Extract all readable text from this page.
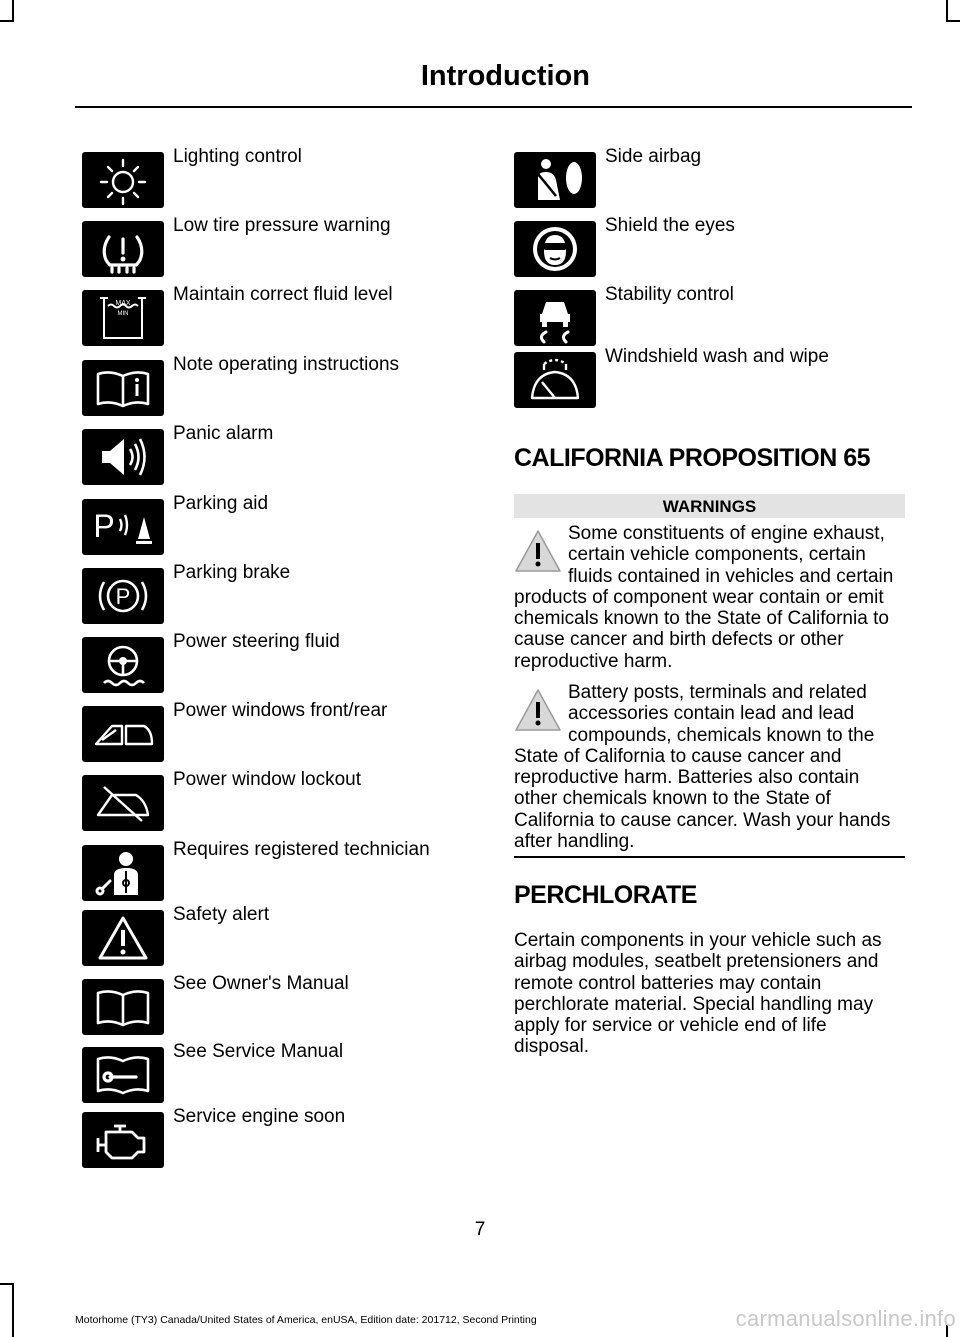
Introduction
Lighting control
Low tire pressure warning
MAX
MIN
Maintain correct fluid level
Note operating instructions
Panic alarm
P
Parking aid
P
Parking brake
Power steering fluid
Power windows front/rear
Power window lockout
Requires registered technician
Safety alert
See Owner's Manual
See Service Manual
Service engine soon
Side airbag
Shield the eyes
Stability control
Windshield wash and wipe
CALIFORNIA PROPOSITION 65
WARNINGS
Some constituents of engine exhaust, certain vehicle components, certain fluids contained in vehicles and certain products of component wear contain or emit chemicals known to the State of California to cause cancer and birth defects or other reproductive harm.
Battery posts, terminals and related accessories contain lead and lead compounds, chemicals known to the State of California to cause cancer and reproductive harm. Batteries also contain other chemicals known to the State of California to cause cancer. Wash your hands after handling.
PERCHLORATE
Certain components in your vehicle such as airbag modules, seatbelt pretensioners and remote control batteries may contain perchlorate material. Special handling may apply for service or vehicle end of life disposal.
7
Motorhome (TY3) Canada/United States of America, enUSA, Edition date: 201712, Second Printing	carmanualsonline.info
